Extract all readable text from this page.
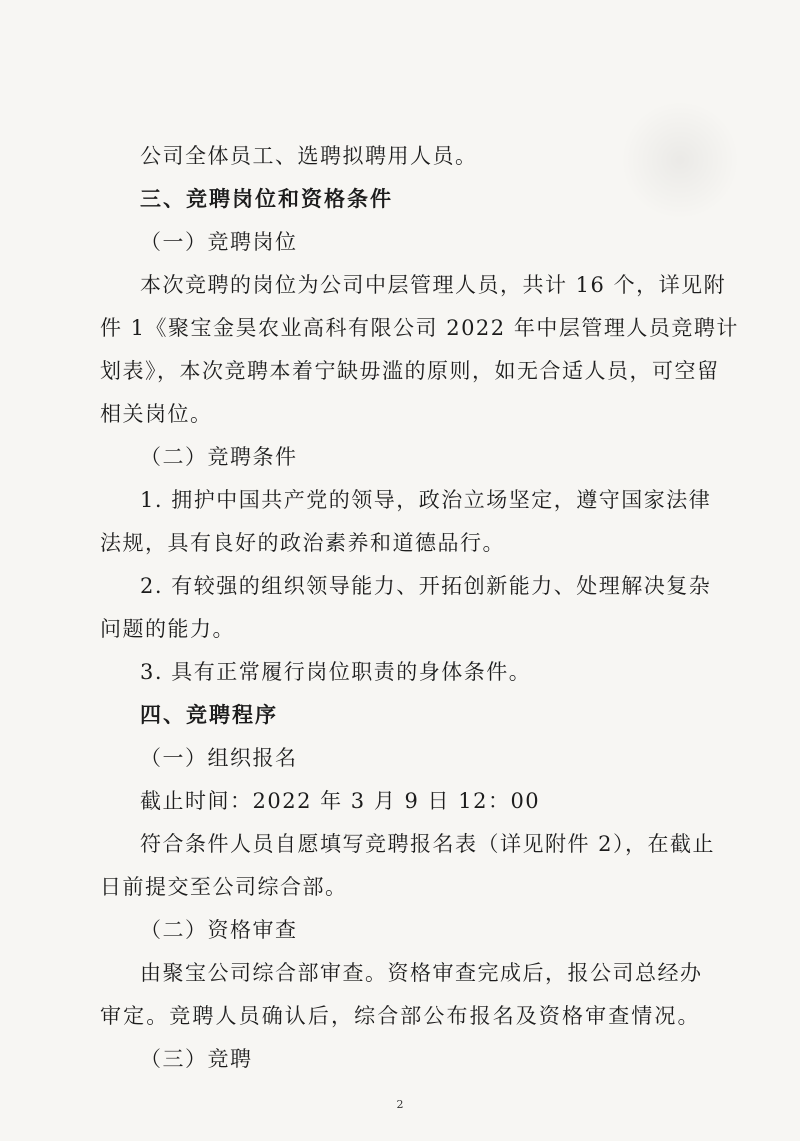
公司全体员工、选聘拟聘用人员。
三、竞聘岗位和资格条件
（一）竞聘岗位
本次竞聘的岗位为公司中层管理人员，共计 16 个，详见附
件 1《聚宝金昊农业高科有限公司 2022 年中层管理人员竞聘计
划表》，本次竞聘本着宁缺毋滥的原则，如无合适人员，可空留
相关岗位。
（二）竞聘条件
1. 拥护中国共产党的领导，政治立场坚定，遵守国家法律
法规，具有良好的政治素养和道德品行。
2. 有较强的组织领导能力、开拓创新能力、处理解决复杂
问题的能力。
3. 具有正常履行岗位职责的身体条件。
四、竞聘程序
（一）组织报名
截止时间：2022 年 3 月 9 日 12：00
符合条件人员自愿填写竞聘报名表（详见附件 2），在截止
日前提交至公司综合部。
（二）资格审查
由聚宝公司综合部审查。资格审查完成后，报公司总经办
审定。竞聘人员确认后，综合部公布报名及资格审查情况。
（三）竞聘
2
